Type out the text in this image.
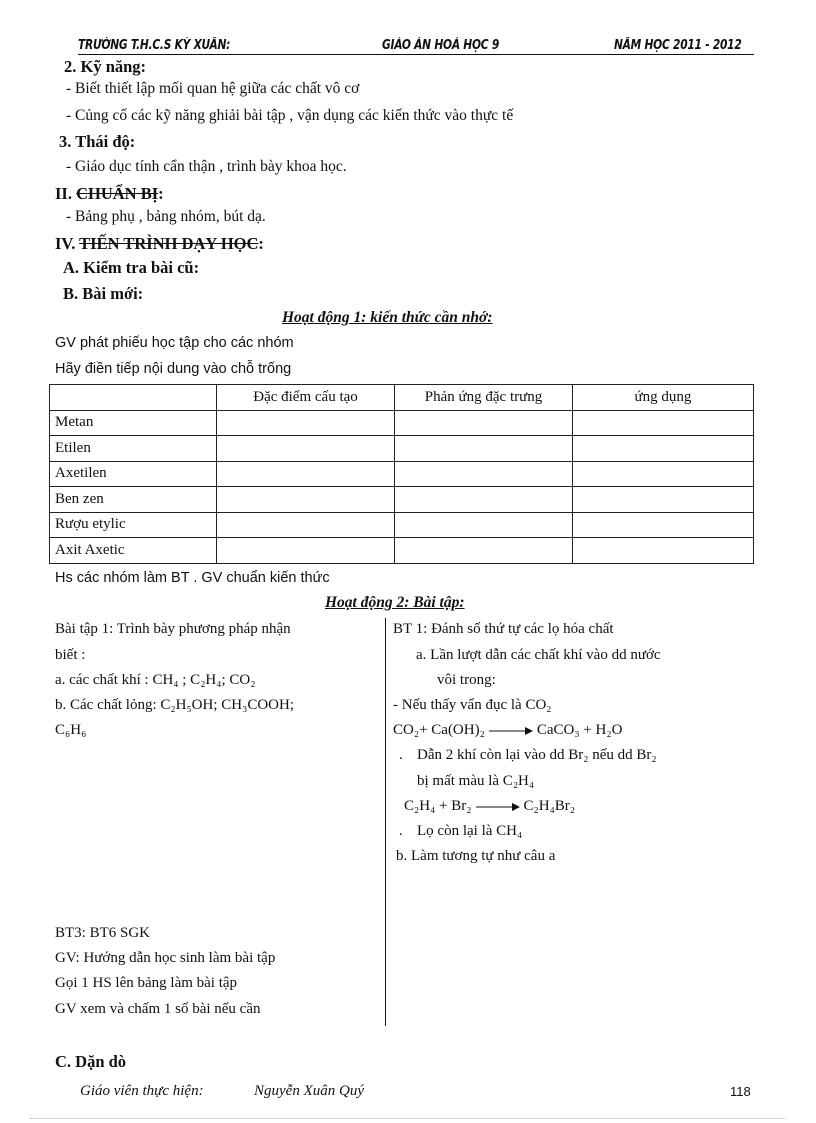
TRƯỜNG T.H.C.S KỲ XUÂN:	GIÁO ÁN HOÁ HỌC 9	NĂM HỌC 2011 - 2012
2. Kỹ năng:
- Biết thiết lập mối quan hệ giữa các chất vô cơ
- Củng cố các kỹ năng ghiải bài tập , vận dụng các kiến thức vào thực tế
3. Thái độ:
- Giáo dục tính cẩn thận , trình bày khoa học.
II. CHUẨN BỊ:
- Bảng phụ , bảng nhóm, bút dạ.
IV. TIẾN TRÌNH DẠY HỌC:
A. Kiểm tra bài cũ:
B. Bài mới:
Hoạt động 1: kiến thức cần nhớ:
GV phát phiếu học tập cho các nhóm
Hãy điền tiếp nội dung vào chỗ trống
	Đặc điểm cấu tạo	Phản ứng đặc trưng	ứng dụng
Metan			
Etilen			
Axetilen			
Ben zen			
Rượu etylic			
Axit Axetic			
Hs các nhóm làm BT . GV chuẩn kiến thức
Hoạt động 2: Bài tập:
Bài tập 1: Trình bày phương pháp nhận
biết :
a. các chất khí : CH₄ ; C₂H₄; CO₂
b. Các chất lỏng: C₂H₅OH; CH₃COOH;
C₆H₆
BT3: BT6 SGK
GV: Hướng dẫn học sinh làm bài tập
Gọi 1 HS lên bảng làm bài tập
GV xem và chấm 1 số bài nếu cần
BT 1: Đánh số thứ tự các lọ hóa chất
a. Lần lượt dẫn các chất khí vào dd nước
vôi trong:
- Nếu thấy vẩn đục là CO₂
CO₂+ Ca(OH)₂	CaCO₃ + H₂O
. Dẫn 2 khí còn lại vào dd Br₂ nếu dd Br₂
bị mất màu là C₂H₄
C₂H₄ + Br₂	C₂H₄Br₂
. Lọ còn lại là CH₄
b. Làm tương tự như câu a
C. Dặn dò
Giáo viên thực hiện:	Nguyễn Xuân Quý	118
